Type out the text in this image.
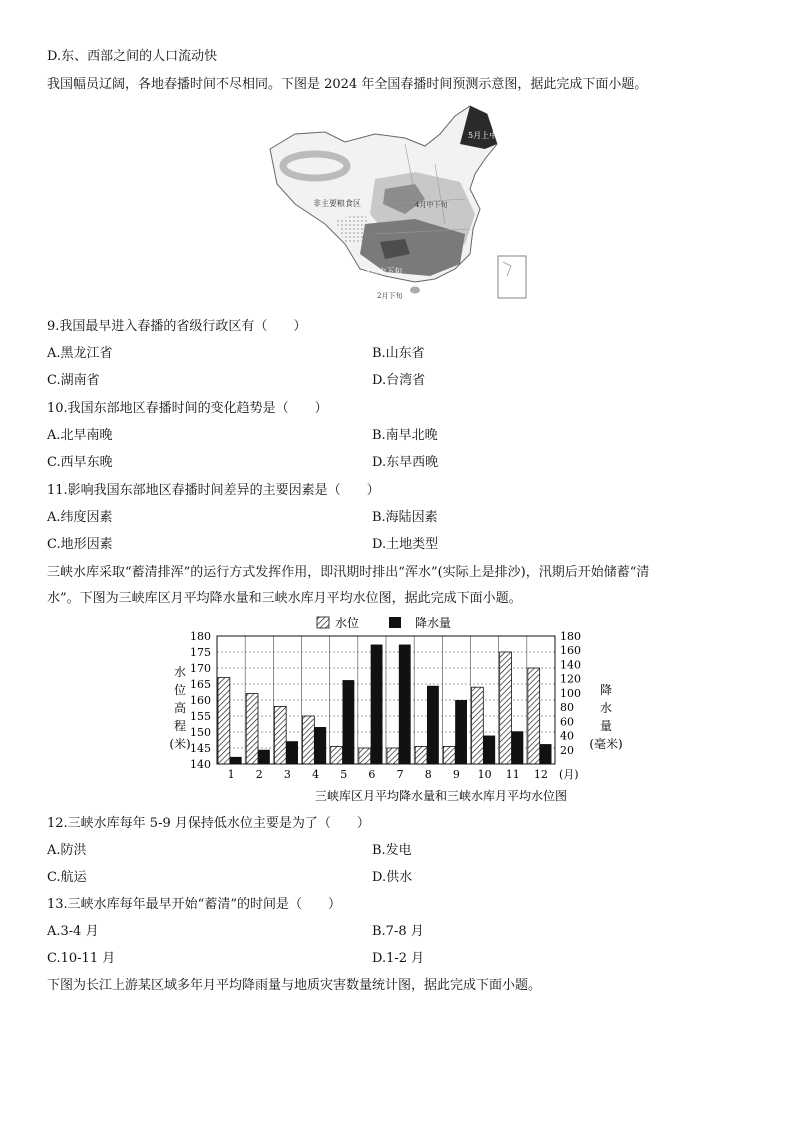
D.东、西部之间的人口流动快
我国幅员辽阔，各地春播时间不尽相同。下图是 2024 年全国春播时间预测示意图，据此完成下面小题。
5月上中旬
非主要粮食区	4月中下旬
3月中下旬
2月下旬
9.我国最早进入春播的省级行政区有（　　）
A.黑龙江省	B.山东省
C.湖南省	D.台湾省
10.我国东部地区春播时间的变化趋势是（　　）
A.北早南晚	B.南早北晚
C.西早东晚	D.东早西晚
11.影响我国东部地区春播时间差异的主要因素是（　　）
A.纬度因素	B.海陆因素
C.地形因素	D.土地类型
三峡水库采取“蓄清排浑”的运行方式发挥作用，即汛期时排出“浑水”(实际上是排沙)，汛期后开始储蓄“清
水”。下图为三峡库区月平均降水量和三峡水库月平均水位图，据此完成下面小题。
水位	降水量
140
145
150
155
160
165
170
175
180
20
40
60
80
100
120
140
160
180
1 2 3 4 5 6 7 8 9 10 11 12 (月)
水
位
高
程
(米)
降
水
量
(毫米)
三峡库区月平均降水量和三峡水库月平均水位图
12.三峡水库每年 5-9 月保持低水位主要是为了（　　）
A.防洪	B.发电
C.航运	D.供水
13.三峡水库每年最早开始“蓄清”的时间是（　　）
A.3-4 月	B.7-8 月
C.10-11 月	D.1-2 月
下图为长江上游某区域多年月平均降雨量与地质灾害数量统计图，据此完成下面小题。
